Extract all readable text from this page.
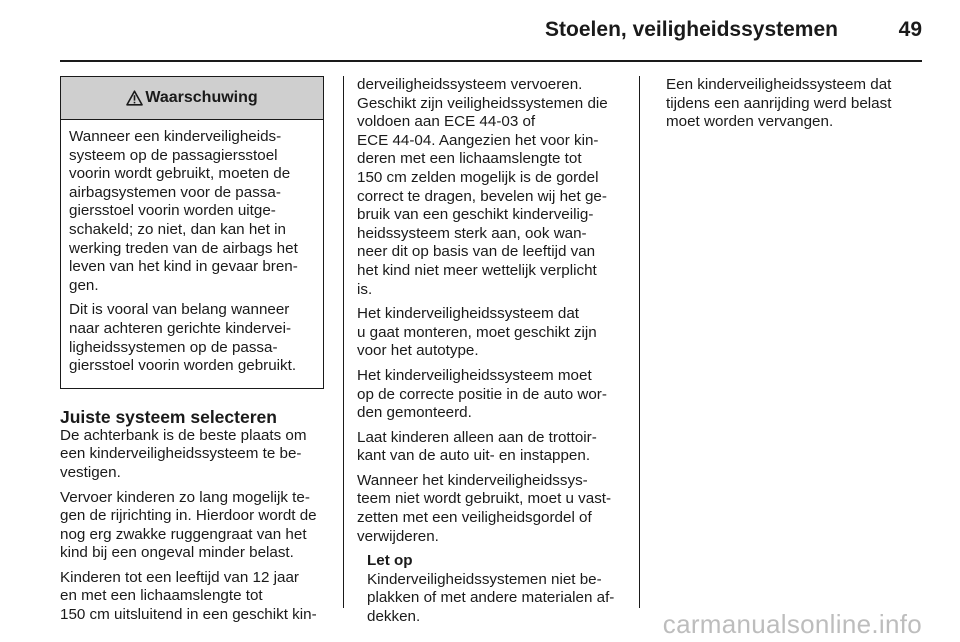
Stoelen, veiligheidssystemen	49
Waarschuwing

Wanneer een kinderveiligheids-
systeem op de passagiersstoel
voorin wordt gebruikt, moeten de
airbagsystemen voor de passa-
giersstoel voorin worden uitge-
schakeld; zo niet, dan kan het in
werking treden van de airbags het
leven van het kind in gevaar bren-
gen.

Dit is vooral van belang wanneer
naar achteren gerichte kindervei-
ligheidssystemen op de passa-
giersstoel voorin worden gebruikt.

Juiste systeem selecteren

De achterbank is de beste plaats om
een kinderveiligheidssysteem te be-
vestigen.

Vervoer kinderen zo lang mogelijk te-
gen de rijrichting in. Hierdoor wordt de
nog erg zwakke ruggengraat van het
kind bij een ongeval minder belast.

Kinderen tot een leeftijd van 12 jaar
en met een lichaamslengte tot
150 cm uitsluitend in een geschikt kin-

derveiligheidssysteem vervoeren.
Geschikt zijn veiligheidssystemen die
voldoen aan ECE 44-03 of
ECE 44-04. Aangezien het voor kin-
deren met een lichaamslengte tot
150 cm zelden mogelijk is de gordel
correct te dragen, bevelen wij het ge-
bruik van een geschikt kinderveilig-
heidssysteem sterk aan, ook wan-
neer dit op basis van de leeftijd van
het kind niet meer wettelijk verplicht
is.

Het kinderveiligheidssysteem dat
u gaat monteren, moet geschikt zijn
voor het autotype.

Het kinderveiligheidssysteem moet
op de correcte positie in de auto wor-
den gemonteerd.

Laat kinderen alleen aan de trottoir-
kant van de auto uit- en instappen.

Wanneer het kinderveiligheidssys-
teem niet wordt gebruikt, moet u vast-
zetten met een veiligheidsgordel of
verwijderen.

Let op

Kinderveiligheidssystemen niet be-
plakken of met andere materialen af-
dekken.

Een kinderveiligheidssysteem dat
tijdens een aanrijding werd belast
moet worden vervangen.

carmanualsonline.info
